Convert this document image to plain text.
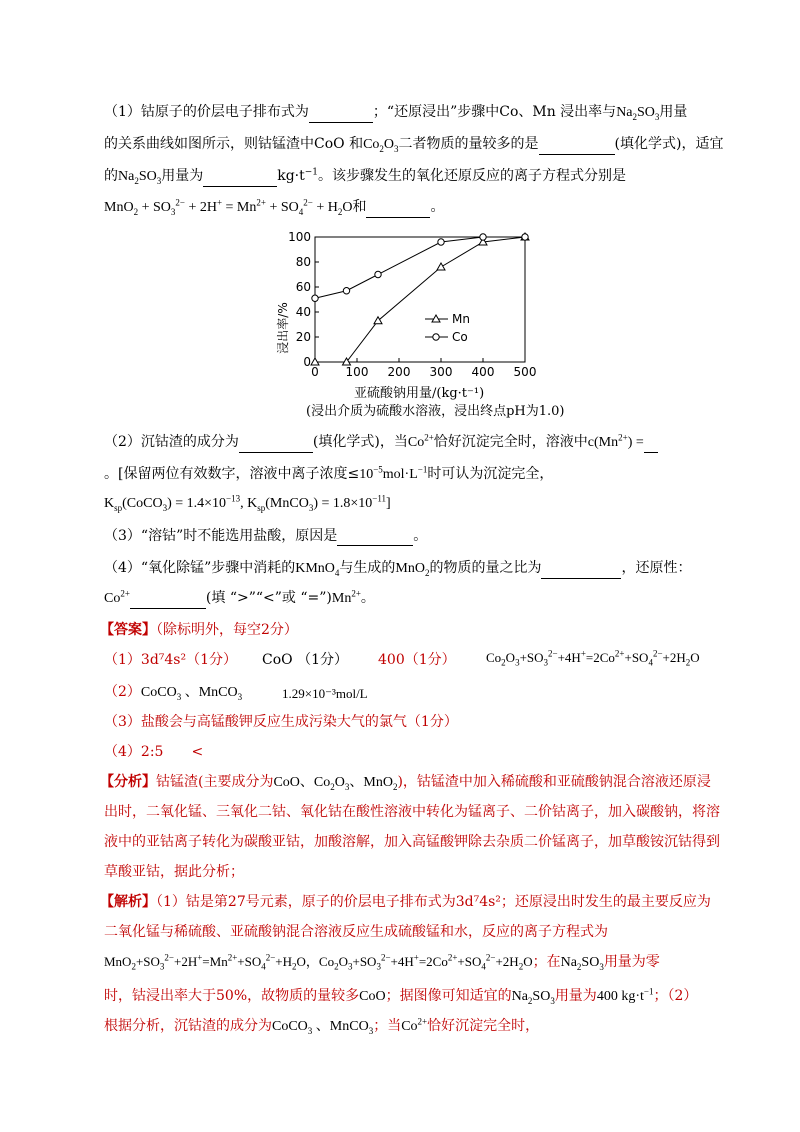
（1）钴原子的价层电子排布式为	；“还原浸出”步骤中Co、Mn 浸出率与$Na_2SO_3$用量
的关系曲线如图所示，则钴锰渣中CoO 和$Co_2O_3$二者物质的量较多的是	(填化学式)，适宜
的$Na_2SO_3$用量为	$kg\cdot t^{-1}$。该步骤发生的氧化还原反应的离子方程式分别是
$MnO_2 + SO_3^{2-} + 2H^+ = Mn^{2+} + SO_4^{2-} + H_2O$和	。
0 100 200 300 400 500
0
20
40
60
80
100
Mn
Co
浸出率/%
亚硫酸钠用量/(kg·t⁻¹)
(浸出介质为硫酸水溶液，浸出终点pH为1.0)
（2）沉钴渣的成分为	(填化学式)，当$Co^{2+}$恰好沉淀完全时，溶液中$c(Mn^{2+})$ =
。[保留两位有效数字，溶液中离子浓度$\le 10^{-5}mol\cdot L^{-1}$时可认为沉淀完全，
$K_{sp}(CoCO_3) = 1.4\times 10^{-13}$, $K_{sp}(MnCO_3) = 1.8\times 10^{-11}$]
（3）“溶钴”时不能选用盐酸，原因是	。
（4）“氧化除锰”步骤中消耗的KMnO$_4$与生成的MnO$_2$的物质的量之比为	，还原性：
$Co^{2+}$	(填 “>”“<”或 “$=”)Mn^{2+}$。
【答案】（除标明外，每空2分）
（1）3d⁷4s²（1分） CoO （1分） 400（1分） $Co_2O_3+SO_3^{2-}+4H^+=2Co^{2+}+SO_4^{2-}+2H_2O$
（2）CoCO$_3$ 、MnCO$_3$	1.29×10⁻³mol/L
（3）盐酸会与高锰酸钾反应生成污染大气的氯气（1分）
（4）2:5 <
【分析】钴锰渣(主要成分为CoO、$Co_2O_3$、MnO$_2$)，钴锰渣中加入稀硫酸和亚硫酸钠混合溶液还原浸
出时，二氧化锰、三氧化二钴、氧化钴在酸性溶液中转化为锰离子、二价钴离子，加入碳酸钠，将溶
液中的亚钴离子转化为碳酸亚钴，加酸溶解，加入高锰酸钾除去杂质二价锰离子，加草酸铵沉钴得到
草酸亚钴，据此分析；
【解析】（1）钴是第27号元素，原子的价层电子排布式为3d⁷4s²；还原浸出时发生的最主要反应为
二氧化锰与稀硫酸、亚硫酸钠混合溶液反应生成硫酸锰和水，反应的离子方程式为
$MnO_2+SO_3^{2-}+2H^+=Mn^{2+}+SO_4^{2-}+H_2O$，$Co_2O_3+SO_3^{2-}+4H^+=2Co^{2+}+SO_4^{2-}+2H_2O$；在$Na_2SO_3$用量为零
时，钴浸出率大于50%，故物质的量较多CoO；据图像可知适宜的$Na_2SO_3$用量为400 $kg\cdot t^{-1}$；（2）
根据分析，沉钴渣的成分为CoCO$_3$ 、MnCO$_3$；当$Co^{2+}$恰好沉淀完全时，
